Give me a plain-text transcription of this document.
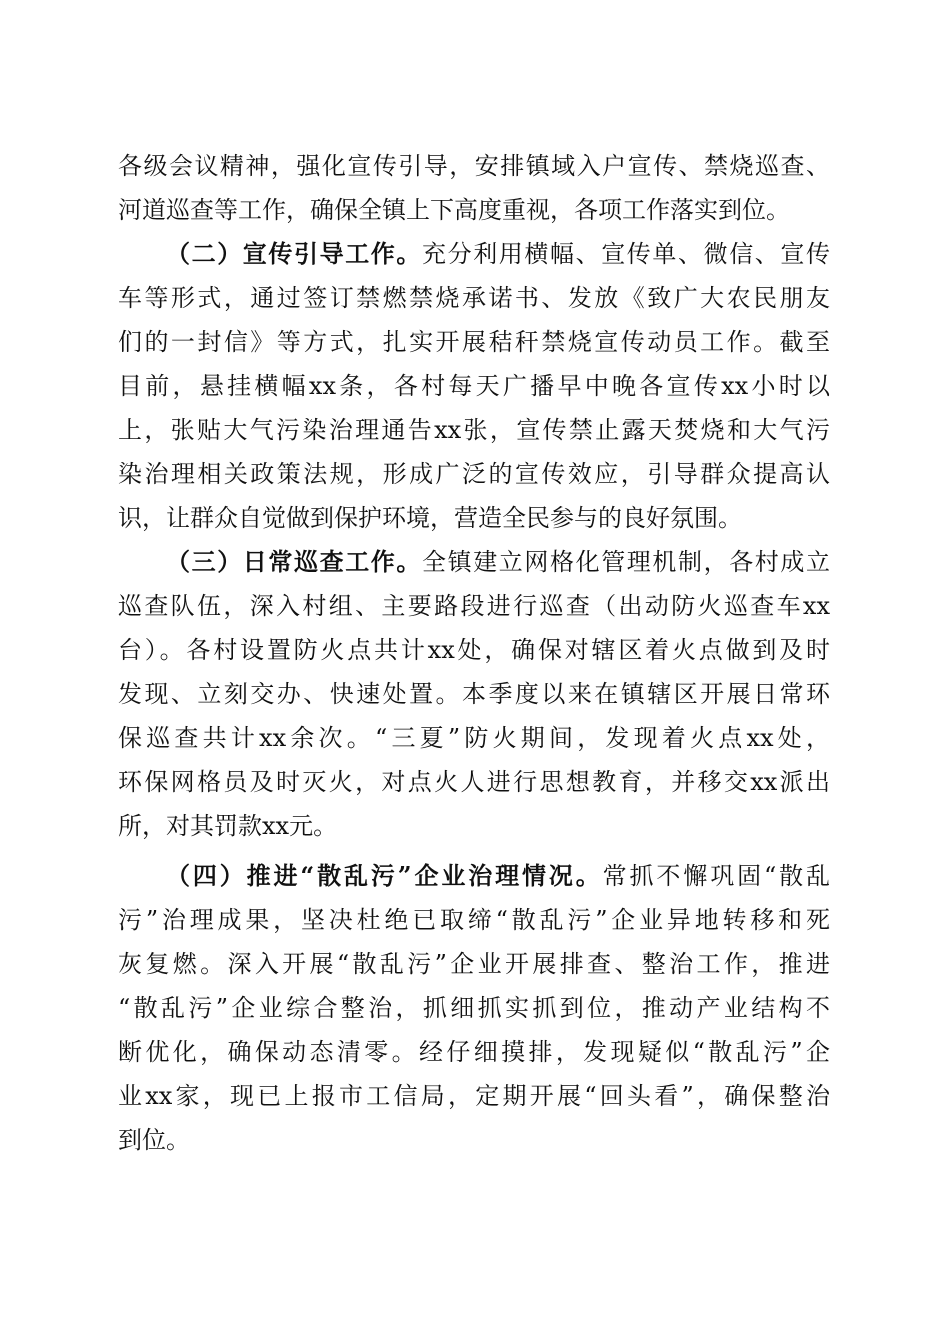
各级会议精神，强化宣传引导，安排镇域入户宣传、禁烧巡查、
河道巡查等工作，确保全镇上下高度重视，各项工作落实到位。
（二）宣传引导工作。充分利用横幅、宣传单、微信、宣传
车等形式，通过签订禁燃禁烧承诺书、发放《致广大农民朋友
们的一封信》等方式，扎实开展秸秆禁烧宣传动员工作。截至
目前，悬挂横幅xx条，各村每天广播早中晚各宣传xx小时以
上，张贴大气污染治理通告xx张，宣传禁止露天焚烧和大气污
染治理相关政策法规，形成广泛的宣传效应，引导群众提高认
识，让群众自觉做到保护环境，营造全民参与的良好氛围。
（三）日常巡查工作。全镇建立网格化管理机制，各村成立
巡查队伍，深入村组、主要路段进行巡查（出动防火巡查车xx
台）。各村设置防火点共计xx处，确保对辖区着火点做到及时
发现、立刻交办、快速处置。本季度以来在镇辖区开展日常环
保巡查共计xx余次。“三夏”防火期间，发现着火点xx处，
环保网格员及时灭火，对点火人进行思想教育，并移交xx派出
所，对其罚款xx元。
（四）推进“散乱污”企业治理情况。常抓不懈巩固“散乱
污”治理成果，坚决杜绝已取缔“散乱污”企业异地转移和死
灰复燃。深入开展“散乱污”企业开展排查、整治工作，推进
“散乱污”企业综合整治，抓细抓实抓到位，推动产业结构不
断优化，确保动态清零。经仔细摸排，发现疑似“散乱污”企
业xx家，现已上报市工信局，定期开展“回头看”，确保整治
到位。
